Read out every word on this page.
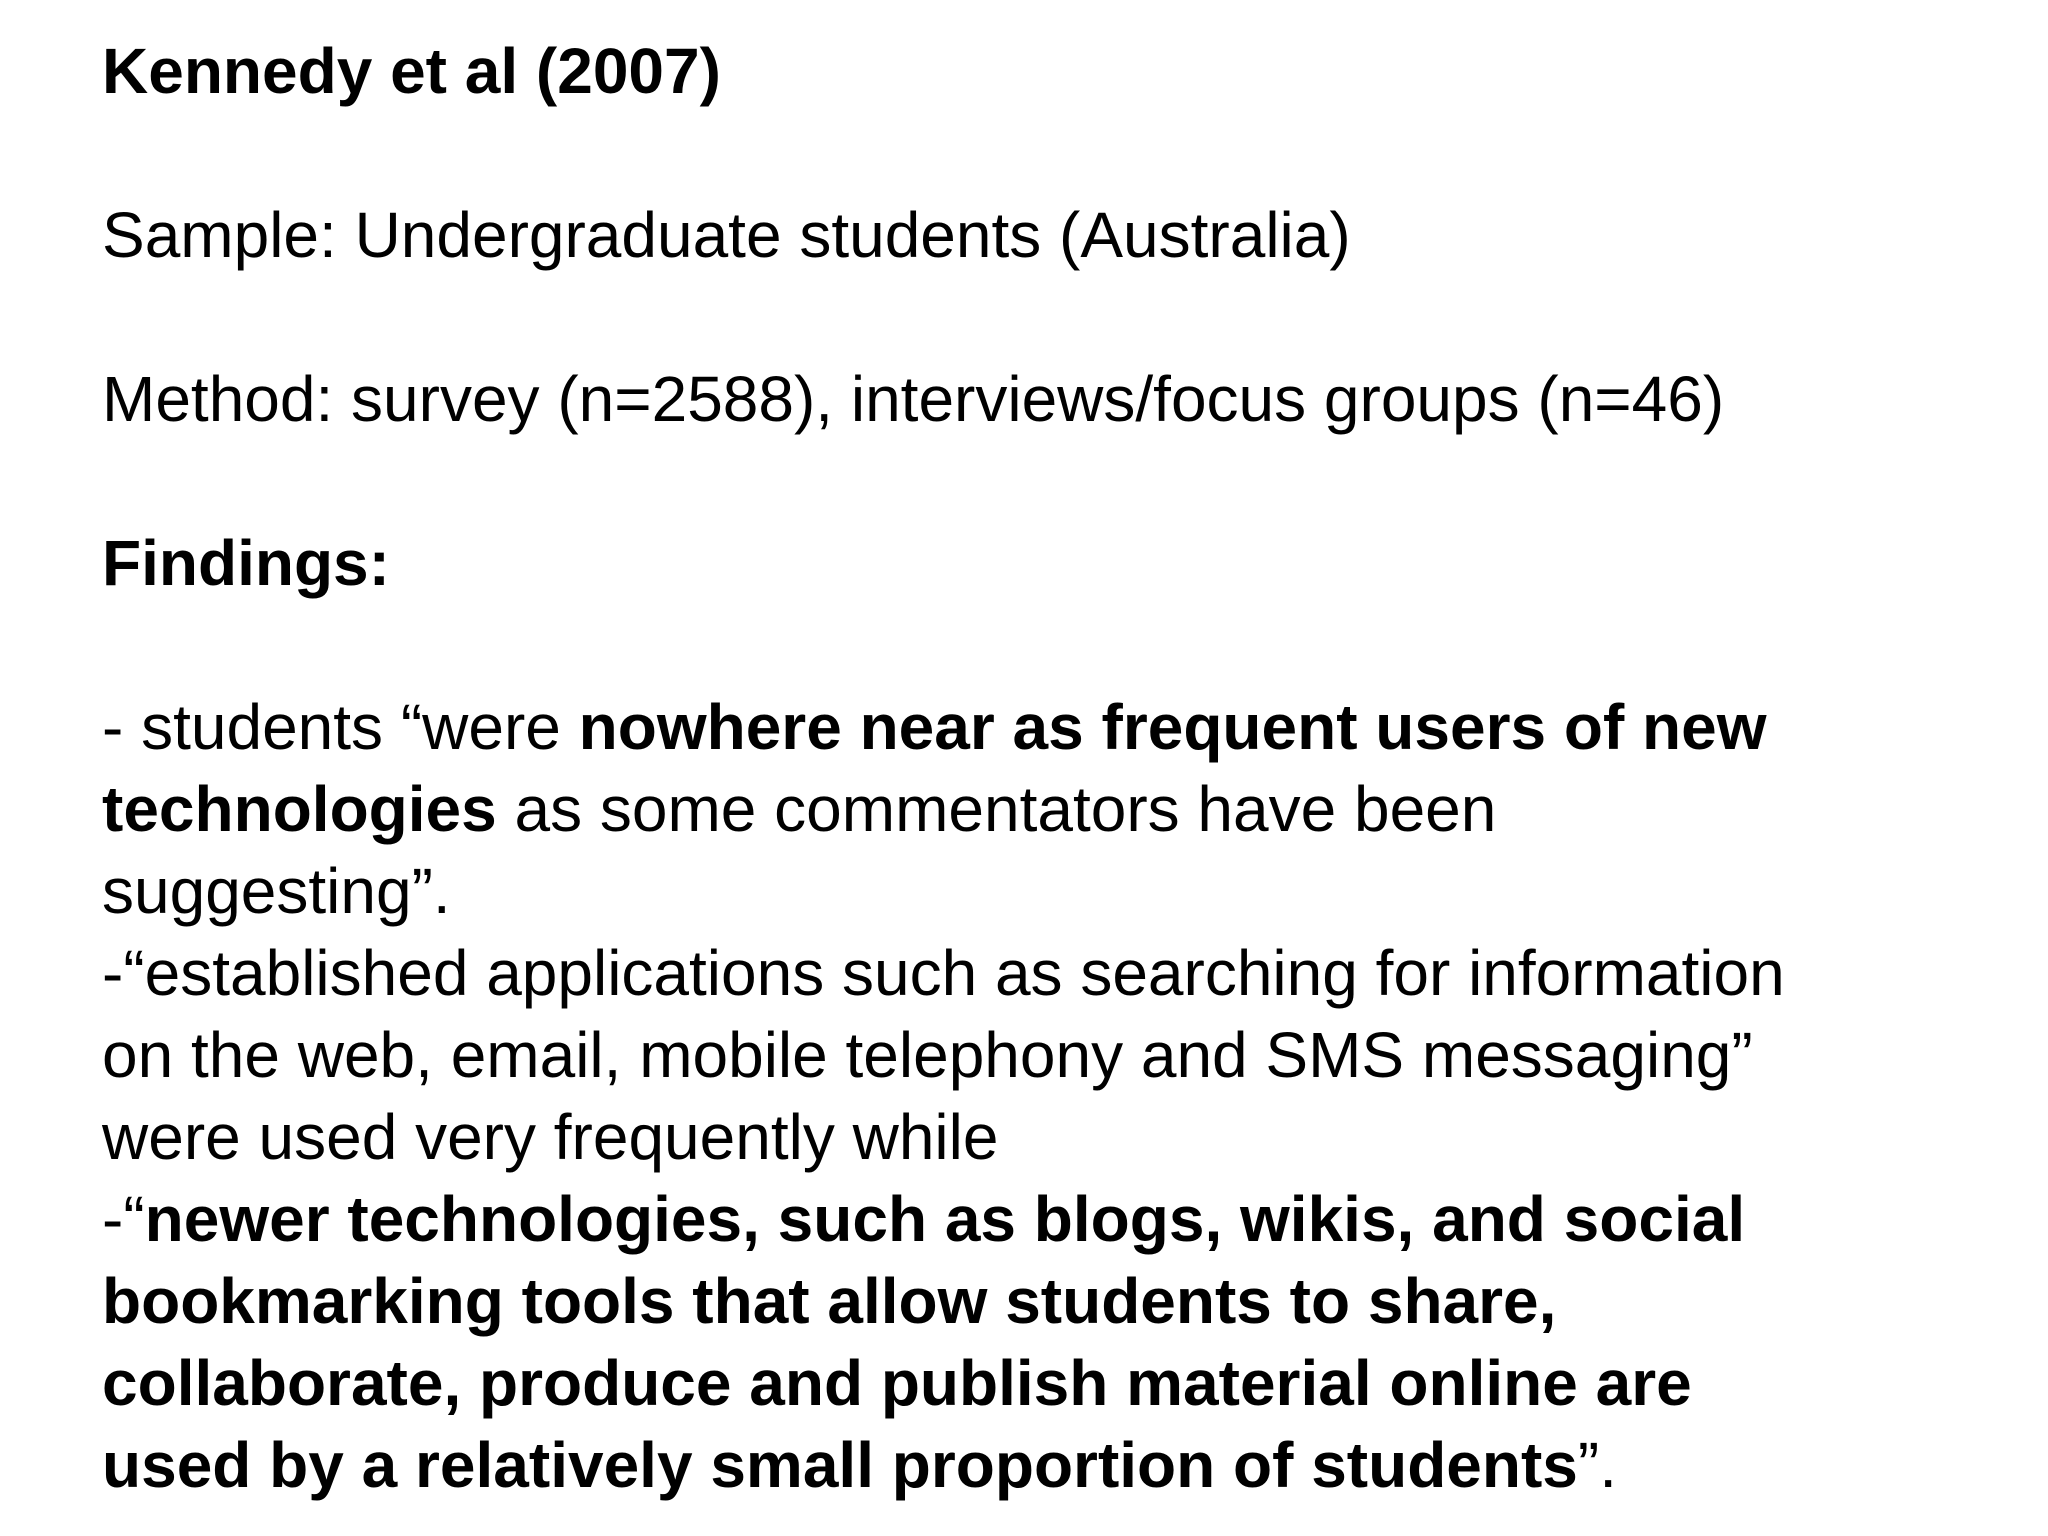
Kennedy et al (2007)
Sample: Undergraduate students (Australia)
Method: survey (n=2588), interviews/focus groups (n=46)
Findings:
- students “were nowhere near as frequent users of new
technologies as some commentators have been
suggesting”.
-“established applications such as searching for information
on the web, email, mobile telephony and SMS messaging”
were used very frequently while
-“newer technologies, such as blogs, wikis, and social
bookmarking tools that allow students to share,
collaborate, produce and publish material online are
used by a relatively small proportion of students”.
